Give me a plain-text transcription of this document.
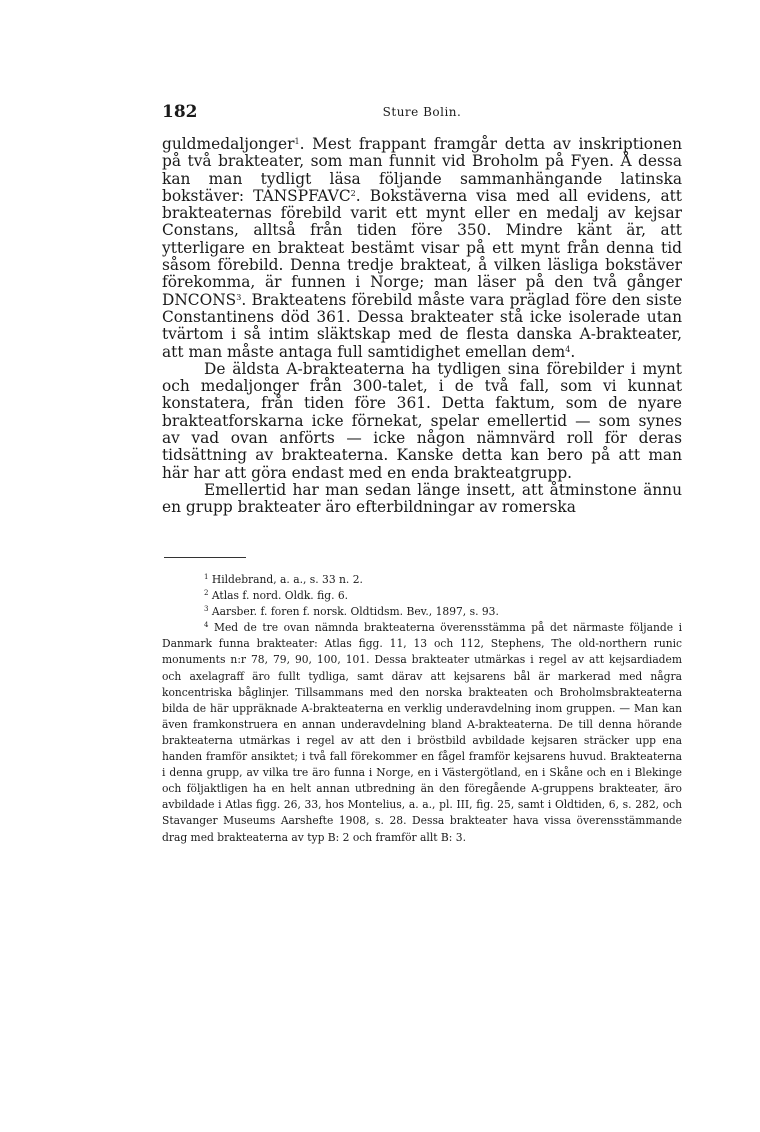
182	Sture Bolin.

guldmedaljonger$^1$. Mest frappant framgår detta av inskriptionen på två brakteater, som man funnit vid Broholm på Fyen. Å dessa kan man tydligt läsa följande sammanhängande latinska bokstäver: TANSPFAVC$^2$. Bokstäverna visa med all evidens, att brakteaternas förebild varit ett mynt eller en medalj av kejsar Constans, alltså från tiden före 350. Mindre känt är, att ytterligare en brakteat bestämt visar på ett mynt från denna tid såsom förebild. Denna tredje brakteat, å vilken läsliga bokstäver förekomma, är funnen i Norge; man läser på den två gånger DNCONS$^3$. Brakteatens förebild måste vara präglad före den siste Constantinens död 361. Dessa brakteater stå icke isolerade utan tvärtom i så intim släktskap med de flesta danska A-brakteater, att man måste antaga full samtidighet emellan dem$^4$.

De äldsta A-brakteaterna ha tydligen sina förebilder i mynt och medaljonger från 300-talet, i de två fall, som vi kunnat konstatera, från tiden före 361. Detta faktum, som de nyare brakteatforskarna icke förnekat, spelar emellertid — som synes av vad ovan anförts — icke någon nämnvärd roll för deras tidsättning av brakteaterna. Kanske detta kan bero på att man här har att göra endast med en enda brakteatgrupp.

Emellertid har man sedan länge insett, att åtminstone ännu en grupp brakteater äro efterbildningar av romerska

$^1$ Hildebrand, a. a., s. 33 n. 2.

$^2$ Atlas f. nord. Oldk. fig. 6.

$^3$ Aarsber. f. foren f. norsk. Oldtidsm. Bev., 1897, s. 93.

$^4$ Med de tre ovan nämnda brakteaterna överensstämma på det närmaste följande i Danmark funna brakteater: Atlas figg. 11, 13 och 112, Stephens, The old-northern runic monuments n:r 78, 79, 90, 100, 101. Dessa brakteater utmärkas i regel av att kejsardiadem och axelagraff äro fullt tydliga, samt därav att kejsarens bål är markerad med några koncentriska båglinjer. Tillsammans med den norska brakteaten och Broholmsbrakteaterna bilda de här uppräknade A-brakteaterna en verklig underavdelning inom gruppen. — Man kan även framkonstruera en annan underavdelning bland A-brakteaterna. De till denna hörande brakteaterna utmärkas i regel av att den i bröstbild avbildade kejsaren sträcker upp ena handen framför ansiktet; i två fall förekommer en fågel framför kejsarens huvud. Brakteaterna i denna grupp, av vilka tre äro funna i Norge, en i Västergötland, en i Skåne och en i Blekinge och följaktligen ha en helt annan utbredning än den föregående A-gruppens brakteater, äro avbildade i Atlas figg. 26, 33, hos Montelius, a. a., pl. III, fig. 25, samt i Oldtiden, 6, s. 282, och Stavanger Museums Aarshefte 1908, s. 28. Dessa brakteater hava vissa överensstämmande drag med brakteaterna av typ B: 2 och framför allt B: 3.
